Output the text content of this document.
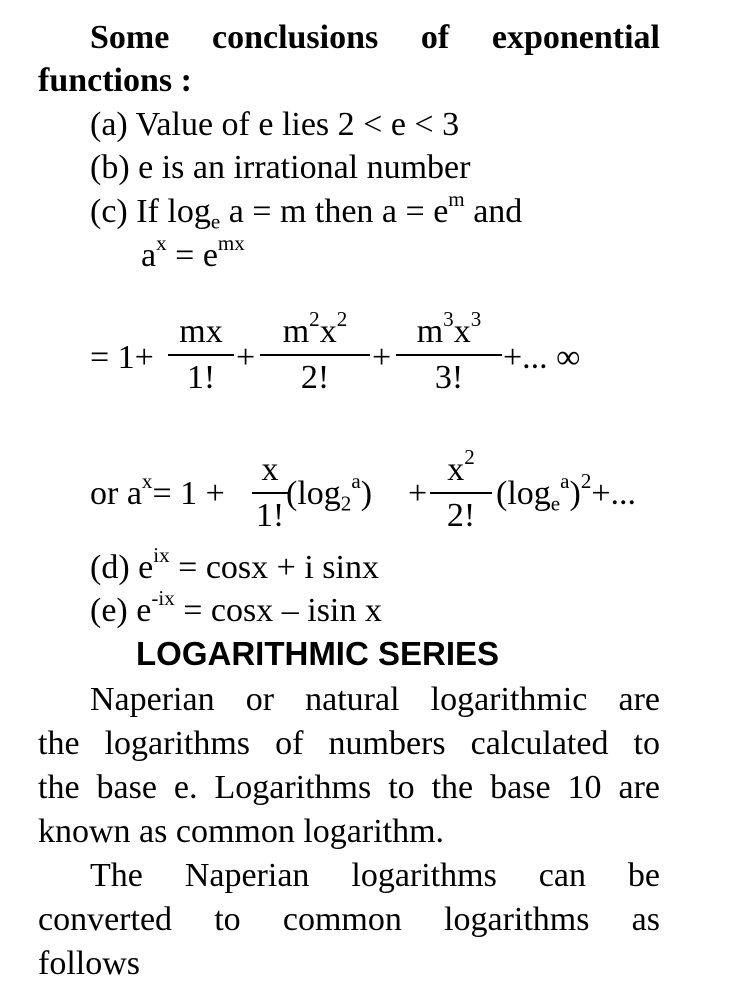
Some conclusions of exponential
functions :
(a) Value of e lies 2 < e < 3
(b) e is an irrational number
(c) If $\log_e a = m$ then $a = e^m$ and
$a^x = e^{mx}$
= 1+
mx
1!
+
$m^2x^2$
2!
+
$m^3x^3$
3!
+... ∞
or $a^x= 1$ +
x
1!
$(\log_2^a)$ +
$x^2$
2!
$(\log_e^a)^2+$...
(d) $e^{ix} = \cos x + i$ sinx
(e) $e^{-ix} = \cos x - isin$ x
LOGARITHMIC SERIES
Naperian or natural logarithmic are
the logarithms of numbers calculated to
the base e. Logarithms to the base 10 are
known as common logarithm.
The Naperian logarithms can be
converted to common logarithms as
follows
